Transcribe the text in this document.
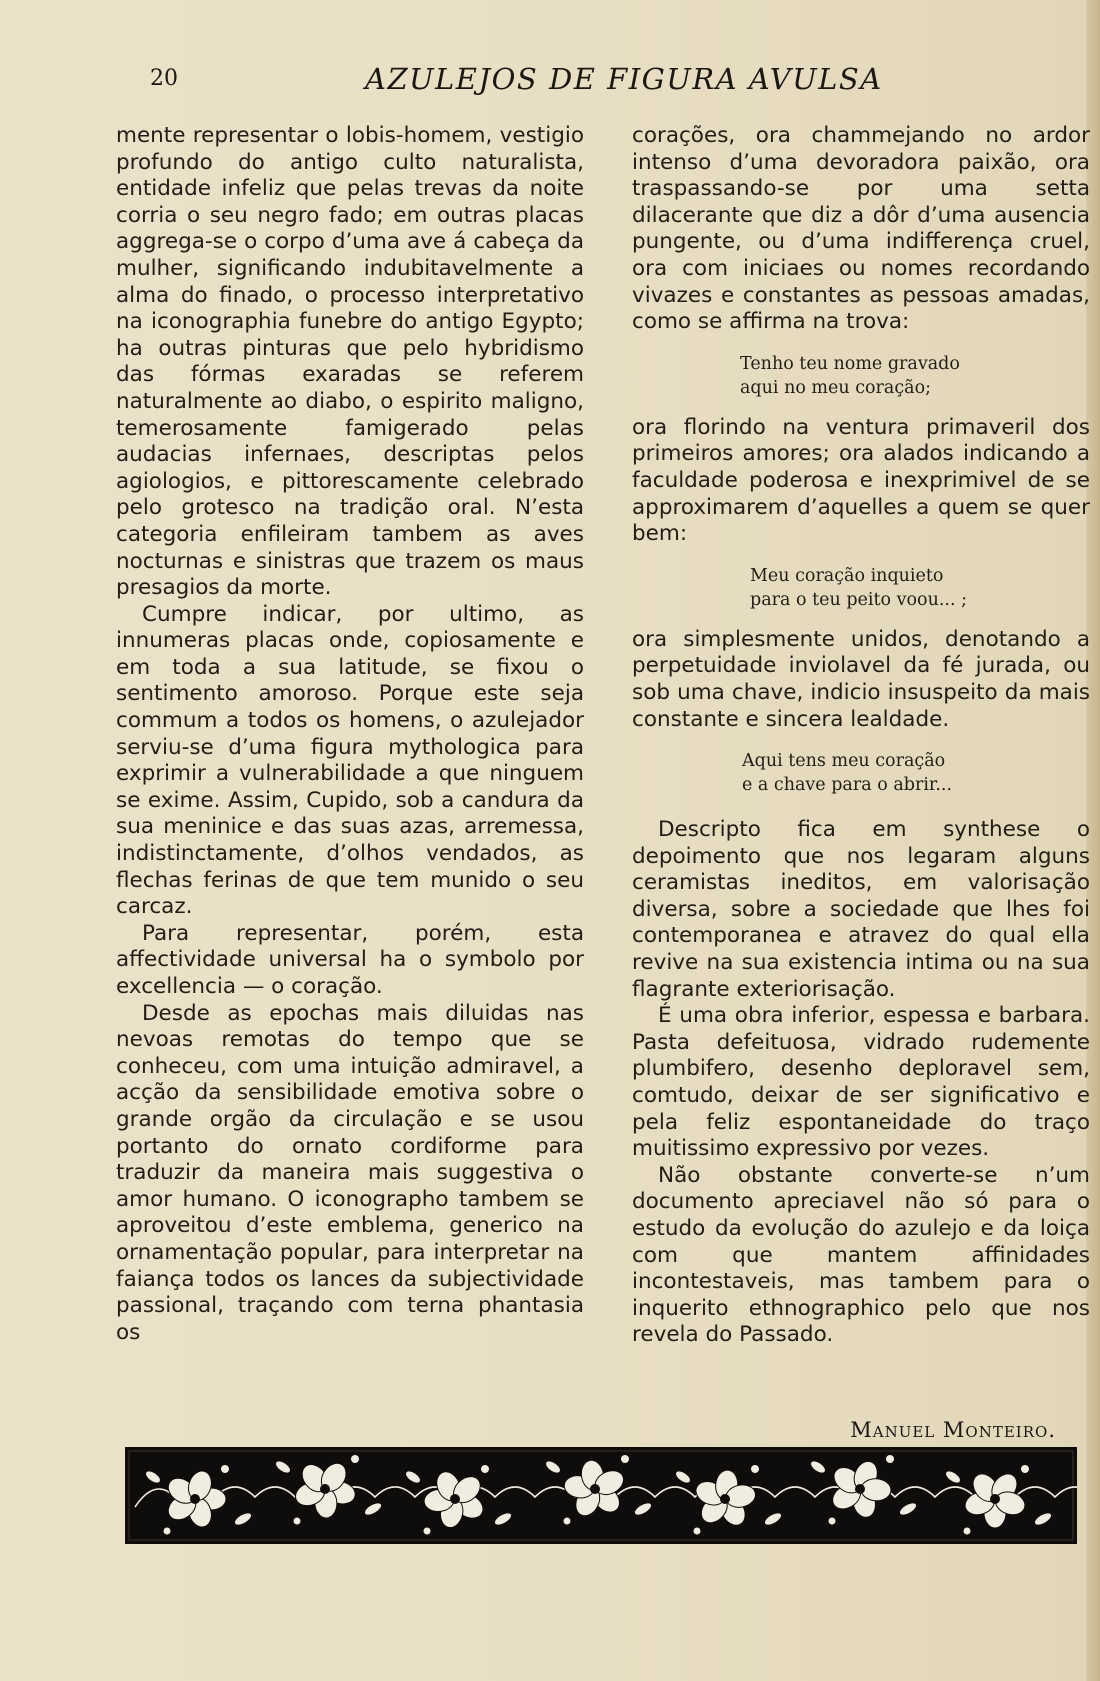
20	AZULEJOS DE FIGURA AVULSA

mente representar o lobis-homem, vestigio profundo do antigo culto naturalista, entidade infeliz que pelas trevas da noite corria o seu negro fado; em outras placas aggrega-se o corpo d’uma ave á cabeça da mulher, significando indubitavelmente a alma do finado, o processo interpretativo na iconographia funebre do antigo Egypto; ha outras pinturas que pelo hybridismo das fórmas exaradas se referem naturalmente ao diabo, o espirito maligno, temerosamente famigerado pelas audacias infernaes, descriptas pelos agiologios, e pittorescamente celebrado pelo grotesco na tradição oral. N’esta categoria enfileiram tambem as aves nocturnas e sinistras que trazem os maus presagios da morte.

Cumpre indicar, por ultimo, as innumeras placas onde, copiosamente e em toda a sua latitude, se fixou o sentimento amoroso. Porque este seja commum a todos os homens, o azulejador serviu-se d’uma figura mythologica para exprimir a vulnerabilidade a que ninguem se exime. Assim, Cupido, sob a candura da sua meninice e das suas azas, arremessa, indistinctamente, d’olhos vendados, as flechas ferinas de que tem munido o seu carcaz.

Para representar, porém, esta affectividade universal ha o symbolo por excellencia — o coração.

Desde as epochas mais diluidas nas nevoas remotas do tempo que se conheceu, com uma intuição admiravel, a acção da sensibilidade emotiva sobre o grande orgão da circulação e se usou portanto do ornato cordiforme para traduzir da maneira mais suggestiva o amor humano. O iconographo tambem se aproveitou d’este emblema, generico na ornamentação popular, para interpretar na faiança todos os lances da subjectividade passional, traçando com terna phantasia os

corações, ora chammejando no ardor intenso d’uma devoradora paixão, ora traspassando-se por uma setta dilacerante que diz a dôr d’uma ausencia pungente, ou d’uma indifferença cruel, ora com iniciaes ou nomes recordando vivazes e constantes as pessoas amadas, como se affirma na trova:

Tenho teu nome gravado
aqui no meu coração;

ora florindo na ventura primaveril dos primeiros amores; ora alados indicando a faculdade poderosa e inexprimivel de se approximarem d’aquelles a quem se quer bem:

Meu coração inquieto
para o teu peito voou... ;

ora simplesmente unidos, denotando a perpetuidade inviolavel da fé jurada, ou sob uma chave, indicio insuspeito da mais constante e sincera lealdade.

Aqui tens meu coração
e a chave para o abrir...

Descripto fica em synthese o depoimento que nos legaram alguns ceramistas ineditos, em valorisação diversa, sobre a sociedade que lhes foi contemporanea e atravez do qual ella revive na sua existencia intima ou na sua flagrante exteriorisação.

É uma obra inferior, espessa e barbara. Pasta defeituosa, vidrado rudemente plumbifero, desenho deploravel sem, comtudo, deixar de ser significativo e pela feliz espontaneidade do traço muitissimo expressivo por vezes.

Não obstante converte-se n’um documento apreciavel não só para o estudo da evolução do azulejo e da loiça com que mantem affinidades incontestaveis, mas tambem para o inquerito ethnographico pelo que nos revela do Passado.

Manuel Monteiro.
